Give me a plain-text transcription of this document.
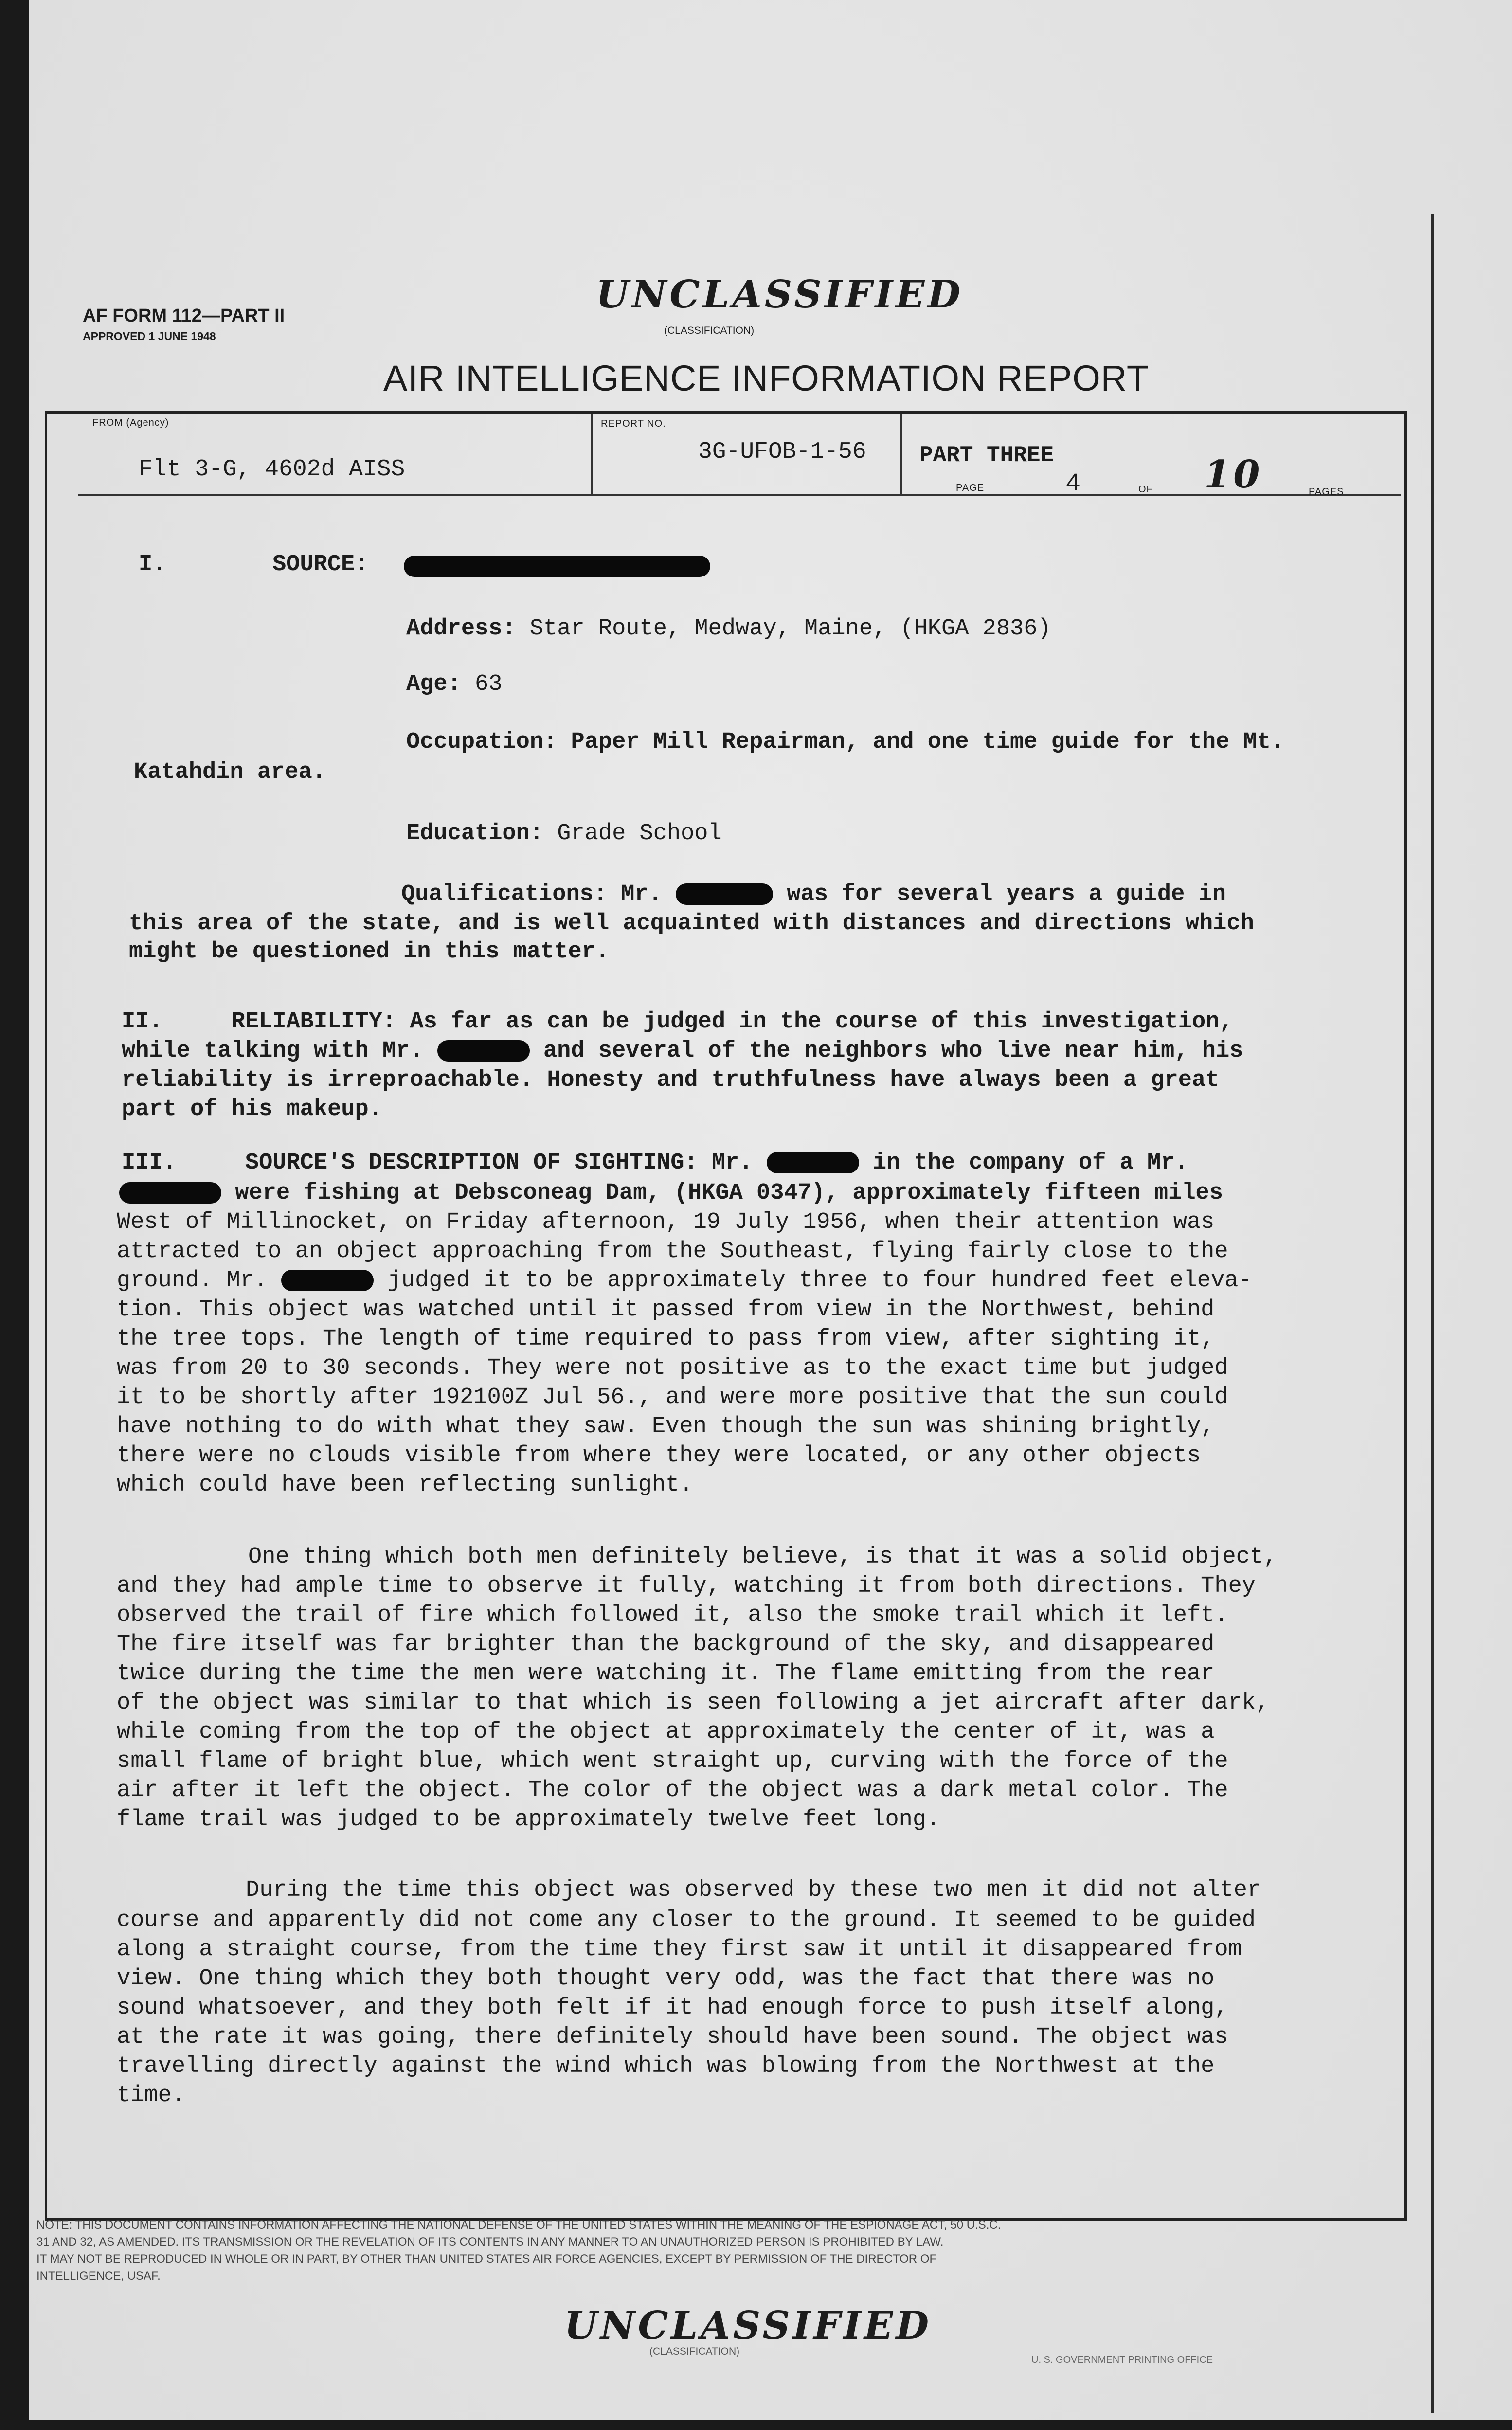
AF FORM 112—PART II
APPROVED 1 JUNE 1948
UNCLASSIFIED
(CLASSIFICATION)
AIR INTELLIGENCE INFORMATION REPORT
FROM (Agency)
Flt 3-G, 4602d AISS
REPORT NO.
3G-UFOB-1-56 PART THREE
PAGE	4	OF 10	PAGES
I.	SOURCE:
Address: Star Route, Medway, Maine, (HKGA 2836)
Age: 63
Occupation: Paper Mill Repairman, and one time guide for the Mt.
Katahdin area.
Education: Grade School
Qualifications: Mr.	was for several years a guide in
this area of the state, and is well acquainted with distances and directions which
might be questioned in this matter.
II.	RELIABILITY: As far as can be judged in the course of this investigation,
while talking with Mr.	and several of the neighbors who live near him, his
reliability is irreproachable. Honesty and truthfulness have always been a great
part of his makeup.
III.	SOURCE'S DESCRIPTION OF SIGHTING: Mr.	in the company of a Mr.
were fishing at Debsconeag Dam, (HKGA 0347), approximately fifteen miles
West of Millinocket, on Friday afternoon, 19 July 1956, when their attention was
attracted to an object approaching from the Southeast, flying fairly close to the
ground. Mr.	judged it to be approximately three to four hundred feet eleva-
tion. This object was watched until it passed from view in the Northwest, behind
the tree tops. The length of time required to pass from view, after sighting it,
was from 20 to 30 seconds. They were not positive as to the exact time but judged
it to be shortly after 192100Z Jul 56., and were more positive that the sun could
have nothing to do with what they saw. Even though the sun was shining brightly,
there were no clouds visible from where they were located, or any other objects
which could have been reflecting sunlight.
One thing which both men definitely believe, is that it was a solid object,
and they had ample time to observe it fully, watching it from both directions. They
observed the trail of fire which followed it, also the smoke trail which it left.
The fire itself was far brighter than the background of the sky, and disappeared
twice during the time the men were watching it. The flame emitting from the rear
of the object was similar to that which is seen following a jet aircraft after dark,
while coming from the top of the object at approximately the center of it, was a
small flame of bright blue, which went straight up, curving with the force of the
air after it left the object. The color of the object was a dark metal color. The
flame trail was judged to be approximately twelve feet long.
During the time this object was observed by these two men it did not alter
course and apparently did not come any closer to the ground. It seemed to be guided
along a straight course, from the time they first saw it until it disappeared from
view. One thing which they both thought very odd, was the fact that there was no
sound whatsoever, and they both felt if it had enough force to push itself along,
at the rate it was going, there definitely should have been sound. The object was
travelling directly against the wind which was blowing from the Northwest at the
time.
NOTE: THIS DOCUMENT CONTAINS INFORMATION AFFECTING THE NATIONAL DEFENSE OF THE UNITED STATES WITHIN THE MEANING OF THE ESPIONAGE ACT, 50 U.S.C.
31 AND 32, AS AMENDED. ITS TRANSMISSION OR THE REVELATION OF ITS CONTENTS IN ANY MANNER TO AN UNAUTHORIZED PERSON IS PROHIBITED BY LAW.
IT MAY NOT BE REPRODUCED IN WHOLE OR IN PART, BY OTHER THAN UNITED STATES AIR FORCE AGENCIES, EXCEPT BY PERMISSION OF THE DIRECTOR OF
INTELLIGENCE, USAF.
UNCLASSIFIED
(CLASSIFICATION)
U. S. GOVERNMENT PRINTING OFFICE
